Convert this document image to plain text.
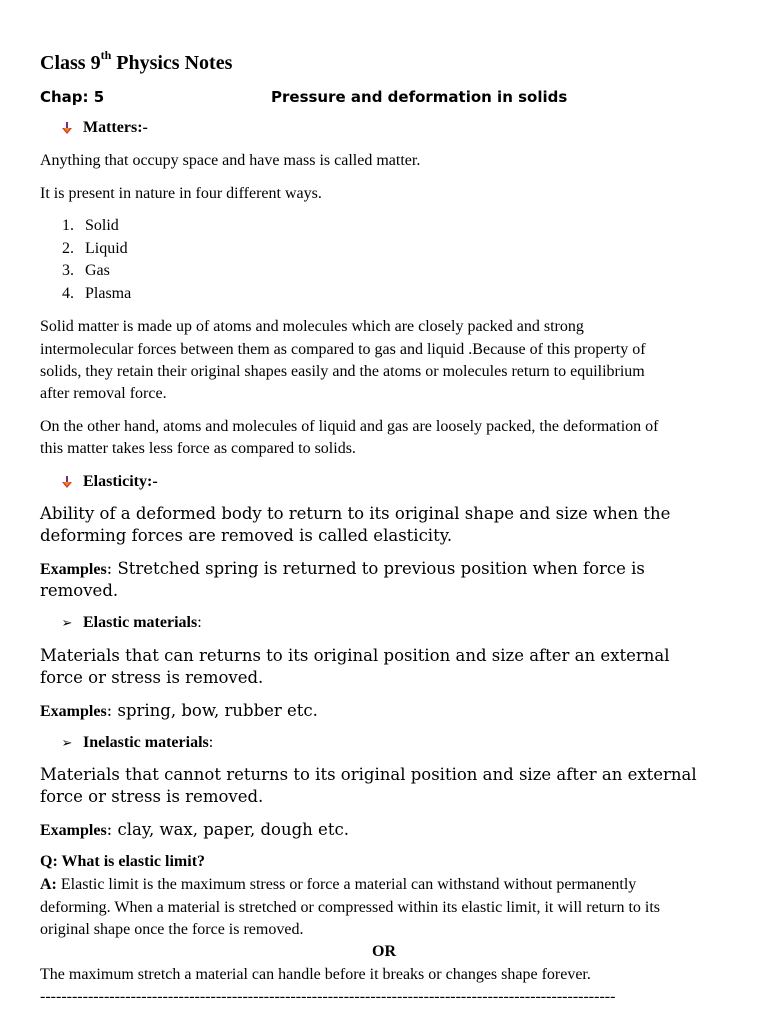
Class 9th Physics Notes

Chap: 5	Pressure and deformation in solids

Matters:-

Anything that occupy space and have mass is called matter.

It is present in nature in four different ways.

1. Solid
2. Liquid
3. Gas
4. Plasma

Solid matter is made up of atoms and molecules which are closely packed and strong

intermolecular forces between them as compared to gas and liquid .Because of this property of

solids, they retain their original shapes easily and the atoms or molecules return to equilibrium

after removal force.

On the other hand, atoms and molecules of liquid and gas are loosely packed, the deformation of

this matter takes less force as compared to solids.

Elasticity:-

Ability of a deformed body to return to its original shape and size when the

deforming forces are removed is called elasticity.

Examples: Stretched spring is returned to previous position when force is

removed.

➢ Elastic materials:

Materials that can returns to its original position and size after an external

force or stress is removed.

Examples: spring, bow, rubber etc.

➢ Inelastic materials:

Materials that cannot returns to its original position and size after an external

force or stress is removed.

Examples: clay, wax, paper, dough etc.

Q: What is elastic limit?

A: Elastic limit is the maximum stress or force a material can withstand without permanently

deforming. When a material is stretched or compressed within its elastic limit, it will return to its

original shape once the force is removed.

OR

The maximum stretch a material can handle before it breaks or changes shape forever.

------------------------------------------------------------------------------------------------------------
